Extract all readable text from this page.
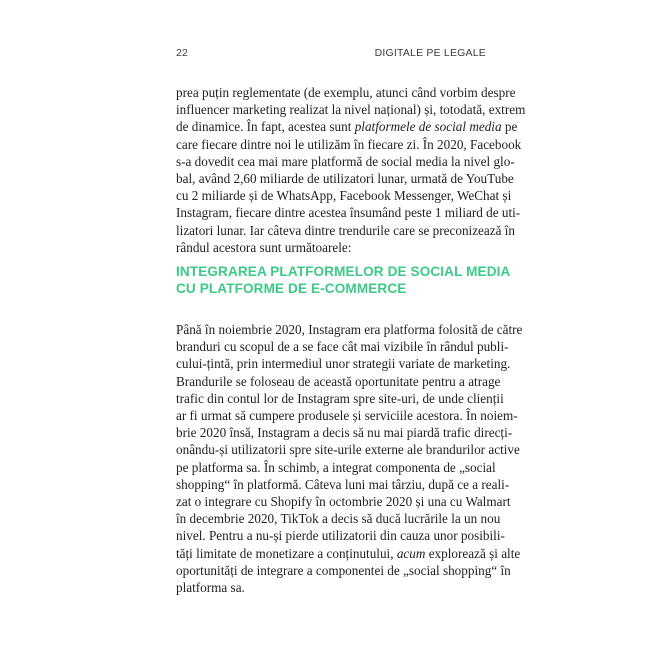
22	DIGITALE PE LEGALE
prea puțin reglementate (de exemplu, atunci când vorbim despre
influencer marketing realizat la nivel național) și, totodată, extrem
de dinamice. În fapt, acestea sunt platformele de social media pe
care fiecare dintre noi le utilizăm în fiecare zi. În 2020, Facebook
s-a dovedit cea mai mare platformă de social media la nivel glo-
bal, având 2,60 miliarde de utilizatori lunar, urmată de YouTube
cu 2 miliarde și de WhatsApp, Facebook Messenger, WeChat și
Instagram, fiecare dintre acestea însumând peste 1 miliard de uti-
lizatori lunar. Iar câteva dintre trendurile care se preconizează în
rândul acestora sunt următoarele:
INTEGRAREA PLATFORMELOR DE SOCIAL MEDIA
CU PLATFORME DE E-COMMERCE
Până în noiembrie 2020, Instagram era platforma folosită de către
branduri cu scopul de a se face cât mai vizibile în rândul publi-
cului-țintă, prin intermediul unor strategii variate de marketing.
Brandurile se foloseau de această oportunitate pentru a atrage
trafic din contul lor de Instagram spre site-uri, de unde clienții
ar fi urmat să cumpere produsele și serviciile acestora. În noiem-
brie 2020 însă, Instagram a decis să nu mai piardă trafic direcți-
onându-și utilizatorii spre site-urile externe ale brandurilor active
pe platforma sa. În schimb, a integrat componenta de „social
shopping“ în platformă. Câteva luni mai târziu, după ce a reali-
zat o integrare cu Shopify în octombrie 2020 și una cu Walmart
în decembrie 2020, TikTok a decis să ducă lucrările la un nou
nivel. Pentru a nu-și pierde utilizatorii din cauza unor posibili-
tăți limitate de monetizare a conținutului, acum explorează și alte
oportunități de integrare a componentei de „social shopping“ în
platforma sa.
